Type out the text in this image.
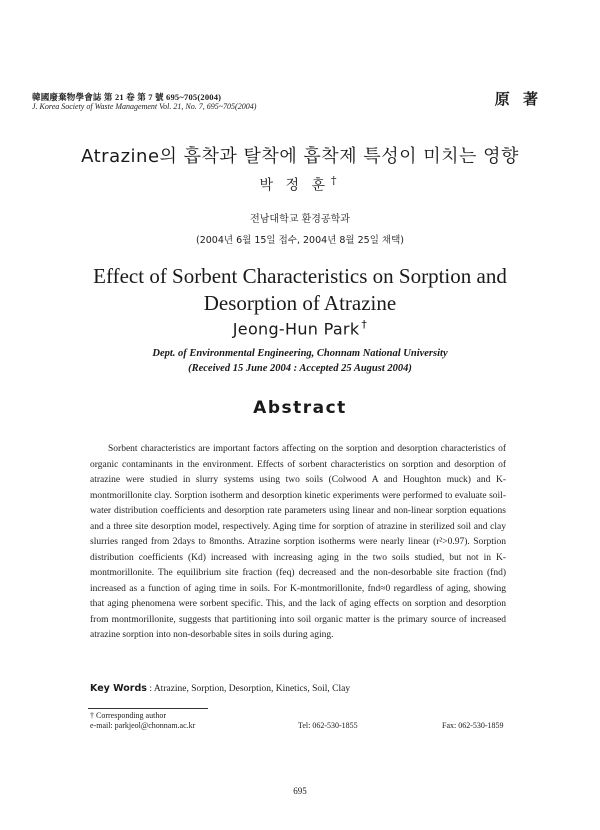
韓國廢棄物學會誌 第 21 卷 第 7 號 695~705(2004)
J. Korea Society of Waste Management Vol. 21, No. 7, 695~705(2004)	原 著
Atrazine의 흡착과 탈착에 흡착제 특성이 미치는 영향
박 정 훈 †
전남대학교 환경공학과
(2004년 6월 15일 접수, 2004년 8월 25일 채택)
Effect of Sorbent Characteristics on Sorption and Desorption of Atrazine
Jeong-Hun Park †
Dept. of Environmental Engineering, Chonnam National University
(Received 15 June 2004 : Accepted 25 August 2004)
Abstract
Sorbent characteristics are important factors affecting on the sorption and desorption characteristics of organic contaminants in the environment. Effects of sorbent characteristics on sorption and desorption of atrazine were studied in slurry systems using two soils (Colwood A and Houghton muck) and K-montmorillonite clay. Sorption isotherm and desorption kinetic experiments were performed to evaluate soil-water distribution coefficients and desorption rate parameters using linear and non-linear sorption equations and a three site desorption model, respectively. Aging time for sorption of atrazine in sterilized soil and clay slurries ranged from 2days to 8months. Atrazine sorption isotherms were nearly linear (r²>0.97). Sorption distribution coefficients (Kd) increased with increasing aging in the two soils studied, but not in K-montmorillonite. The equilibrium site fraction (feq) decreased and the non-desorbable site fraction (fnd) increased as a function of aging time in soils. For K-montmorillonite, fnd≈0 regardless of aging, showing that aging phenomena were sorbent specific. This, and the lack of aging effects on sorption and desorption from montmorillonite, suggests that partitioning into soil organic matter is the primary source of increased atrazine sorption into non-desorbable sites in soils during aging.
Key Words : Atrazine, Sorption, Desorption, Kinetics, Soil, Clay
† Corresponding author
e-mail: parkjeol@chonnam.ac.kr	Tel: 062-530-1855	Fax: 062-530-1859
695
